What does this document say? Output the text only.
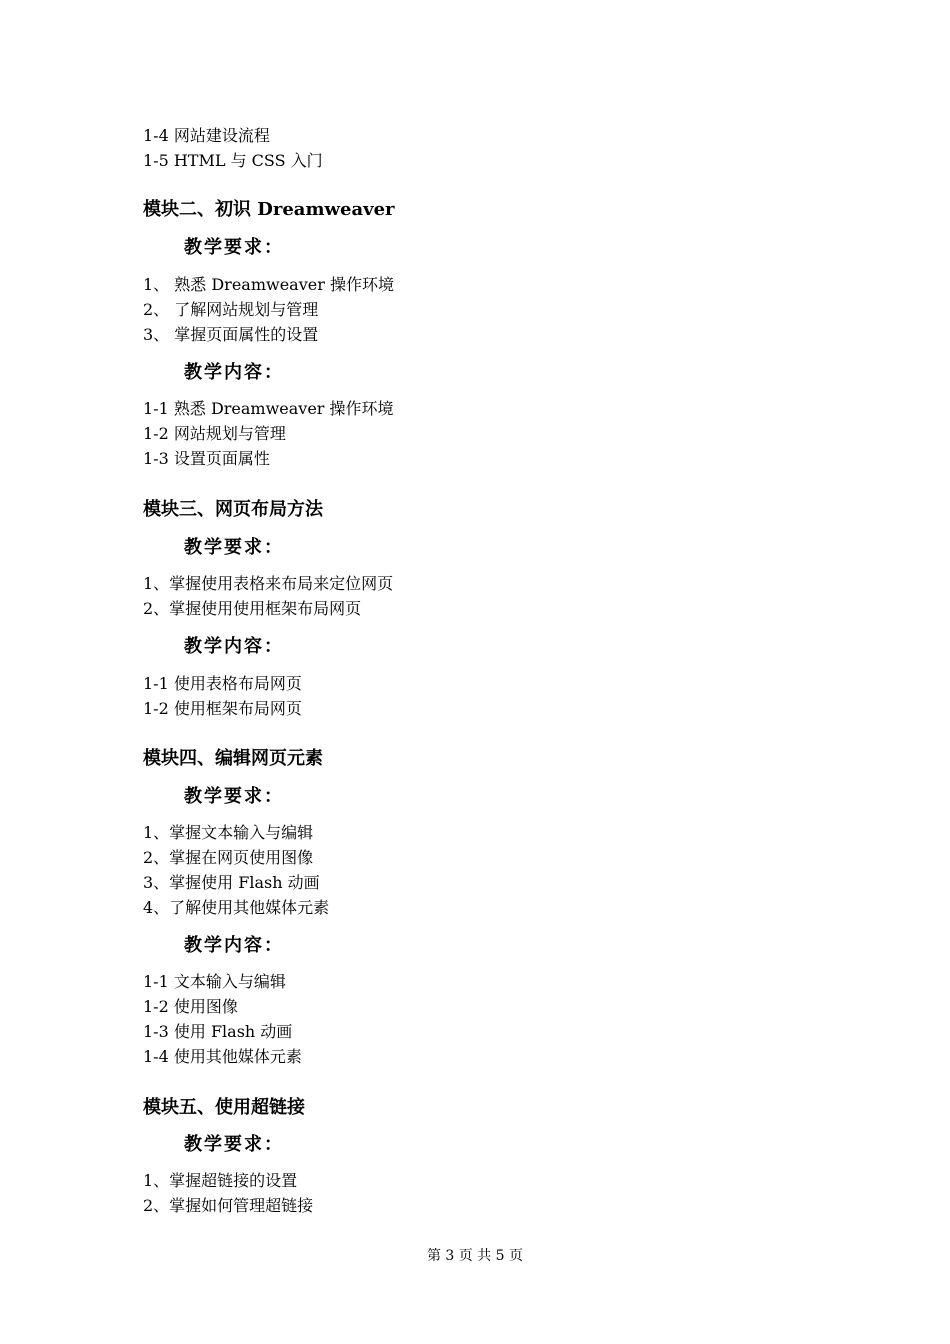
1-4 网站建设流程
1-5 HTML 与 CSS 入门
模块二、初识 Dreamweaver
教学要求：
1、 熟悉 Dreamweaver 操作环境
2、 了解网站规划与管理
3、 掌握页面属性的设置
教学内容：
1-1 熟悉 Dreamweaver 操作环境
1-2 网站规划与管理
1-3 设置页面属性
模块三、网页布局方法
教学要求：
1、掌握使用表格来布局来定位网页
2、掌握使用使用框架布局网页
教学内容：
1-1 使用表格布局网页
1-2 使用框架布局网页
模块四、编辑网页元素
教学要求：
1、掌握文本输入与编辑
2、掌握在网页使用图像
3、掌握使用 Flash 动画
4、了解使用其他媒体元素
教学内容：
1-1 文本输入与编辑
1-2 使用图像
1-3 使用 Flash 动画
1-4 使用其他媒体元素
模块五、使用超链接
教学要求：
1、掌握超链接的设置
2、掌握如何管理超链接
第 3 页 共 5 页
